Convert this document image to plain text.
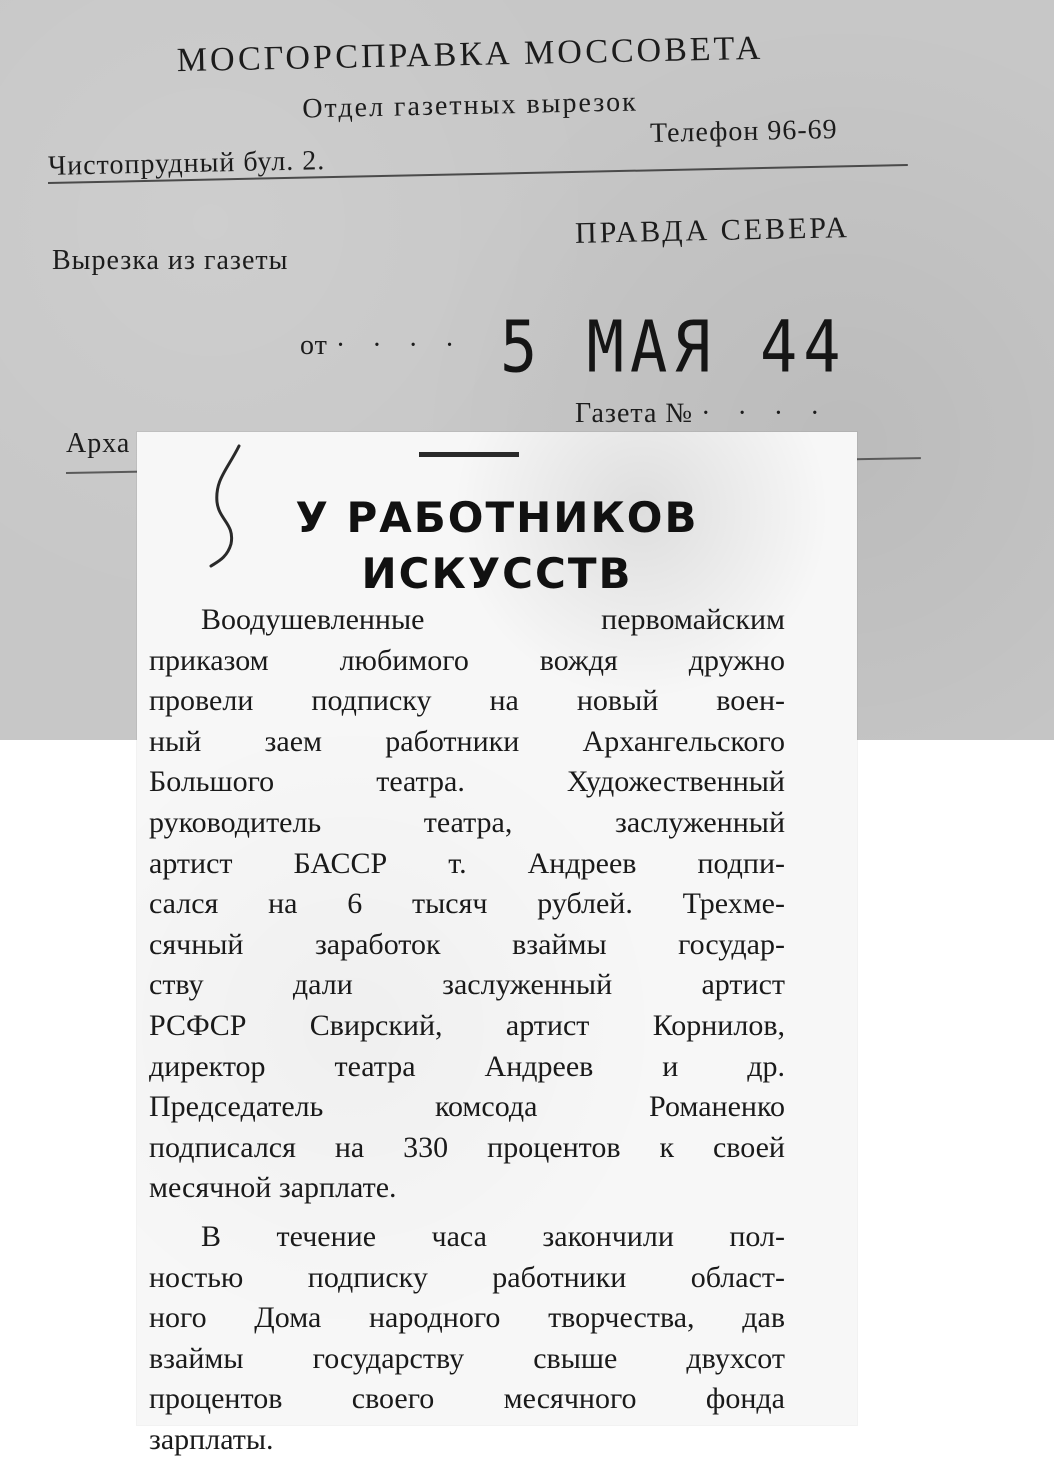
МОСГОРСПРАВКА МОССОВЕТА
Отдел газетных вырезок
Телефон 96-69
Чистопрудный бул. 2.
Вырезка из газеты
ПРАВДА СЕВЕРА
от · · · · 5 МАЯ 44
Газета № · · · ·
Арха
У РАБОТНИКОВ
ИСКУССТВ

Воодушевленные первомайским

приказом любимого вождя дружно

провели подписку на новый воен-

ный заем работники Архангельского

Большого театра. Художественный

руководитель театра, заслуженный

артист БАССР т. Андреев подпи-

сался на 6 тысяч рублей. Трехме-

сячный заработок взаймы государ-

ству дали заслуженный артист

РСФСР Свирский, артист Корнилов,

директор театра Андреев и др.

Председатель комсода Романенко

подписался на 330 процентов к своей

месячной зарплате.

В течение часа закончили пол-

ностью подписку работники област-

ного Дома народного творчества, дав

взаймы государству свыше двухсот

процентов своего месячного фонда

зарплаты.
